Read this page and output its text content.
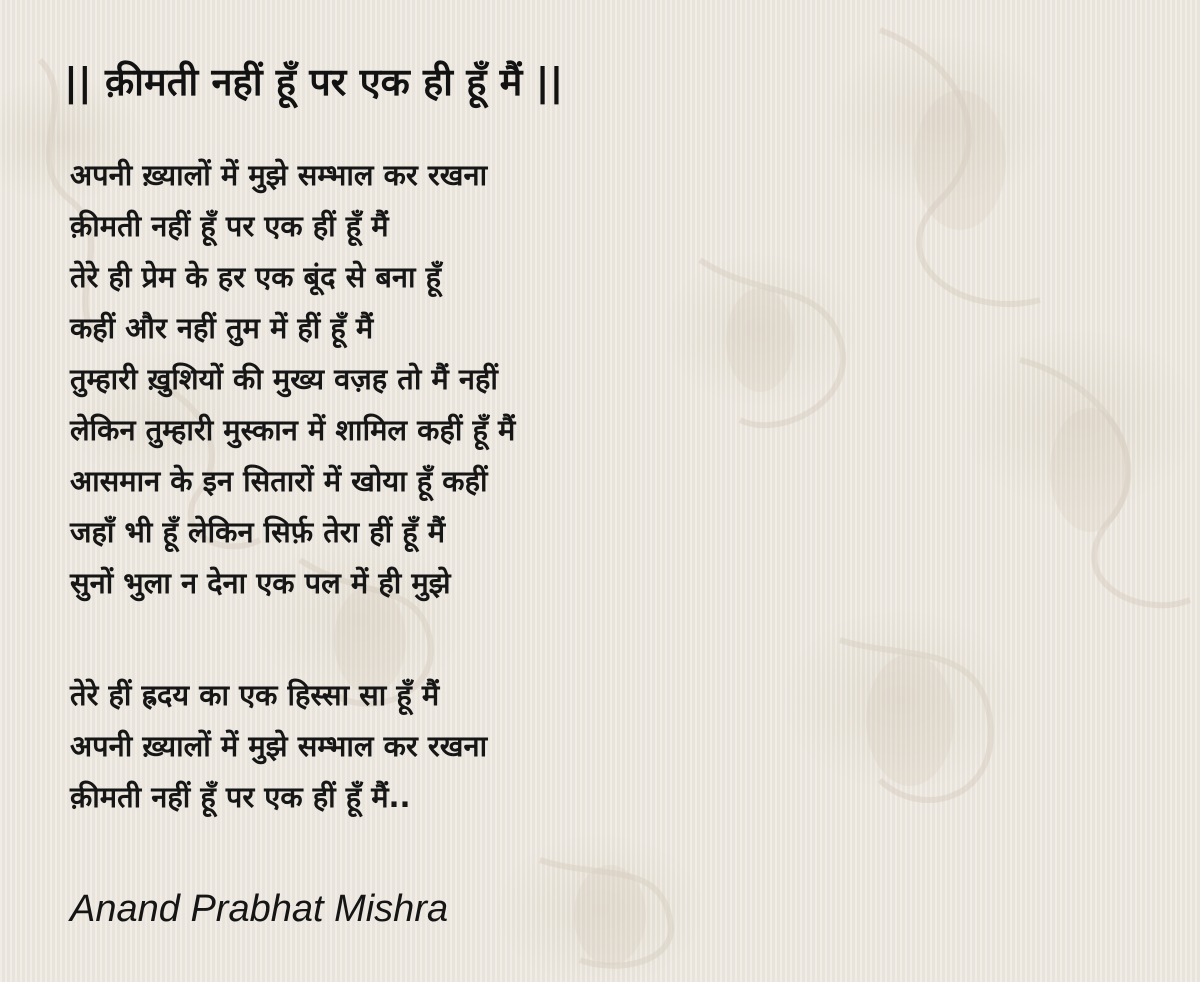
|| क़ीमती नहीं हूँ पर एक ही हूँ मैं ||
अपनी ख़्यालों में मुझे सम्भाल कर रखना
क़ीमती नहीं हूँ पर एक हीं हूँ मैं
तेरे ही प्रेम के हर एक बूंद से बना हूँ
कहीं और नहीं तुम में हीं हूँ मैं
तुम्हारी ख़ुशियों की मुख्य वज़ह तो मैं नहीं
लेकिन तुम्हारी मुस्कान में शामिल कहीं हूँ मैं
आसमान के इन सितारों में खोया हूँ कहीं
जहाँ भी हूँ लेकिन सिर्फ़ तेरा हीं हूँ मैं
सुनों भुला न देना एक पल में ही मुझे
तेरे हीं ह्रदय का एक हिस्सा सा हूँ मैं
अपनी ख़्यालों में मुझे सम्भाल कर रखना
क़ीमती नहीं हूँ पर एक हीं हूँ मैं..
Anand Prabhat Mishra
